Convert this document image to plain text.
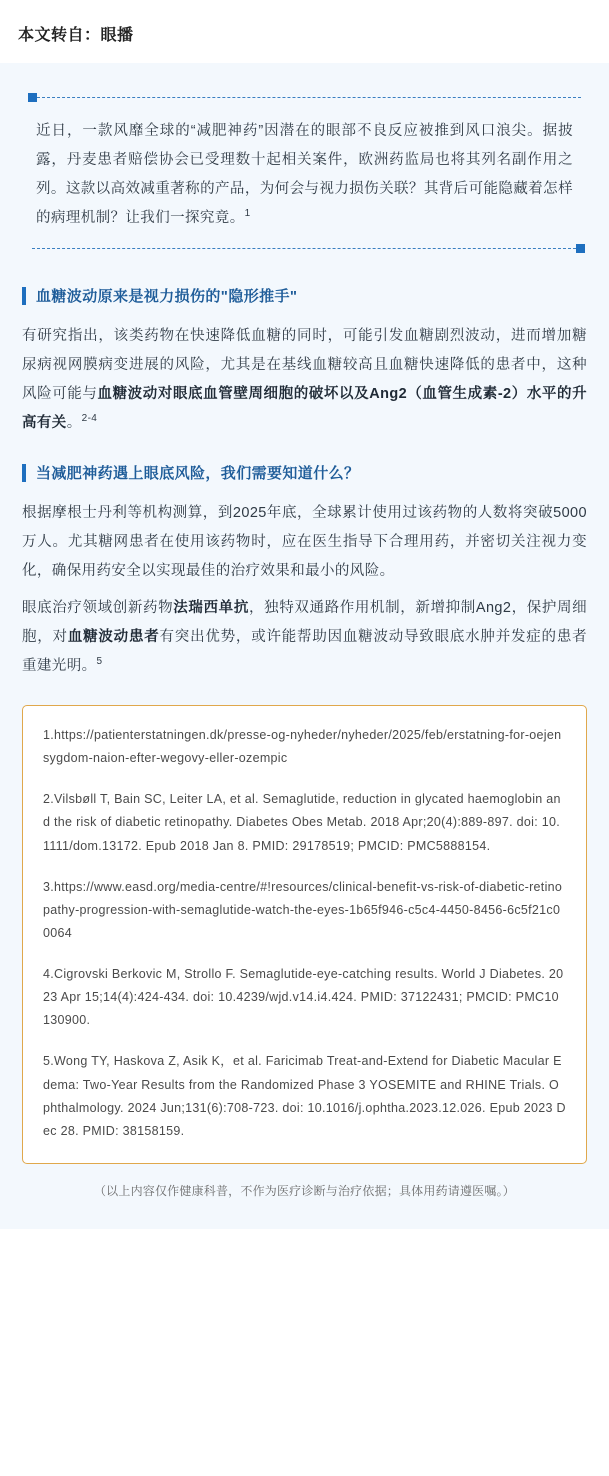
本文转自：眼播

近日，一款风靡全球的“减肥神药”因潜在的眼部不良反应被推到风口浪尖。据披露，丹麦患者赔偿协会已受理数十起相关案件，欧洲药监局也将其列名副作用之列。这款以高效减重著称的产品，为何会与视力损伤关联？其背后可能隐藏着怎样的病理机制？让我们一探究竟。$^1$

血糖波动原来是视力损伤的"隐形推手"

有研究指出，该类药物在快速降低血糖的同时，可能引发血糖剧烈波动，进而增加糖尿病视网膜病变进展的风险，尤其是在基线血糖较高且血糖快速降低的患者中，这种风险可能与血糖波动对眼底血管壁周细胞的破坏以及Ang2（血管生成素-2）水平的升高有关。$^{2-4}$

当减肥神药遇上眼底风险，我们需要知道什么？

根据摩根士丹利等机构测算，到2025年底，全球累计使用过该药物的人数将突破5000万人。尤其糖网患者在使用该药物时，应在医生指导下合理用药，并密切关注视力变化，确保用药安全以实现最佳的治疗效果和最小的风险。

眼底治疗领域创新药物法瑞西单抗，独特双通路作用机制，新增抑制Ang2，保护周细胞，对血糖波动患者有突出优势，或许能帮助因血糖波动导致眼底水肿并发症的患者重建光明。$^5$

1.https://patienterstatningen.dk/presse-og-nyheder/nyheder/2025/feb/erstatning-for-oejensygdom-naion-efter-wegovy-eller-ozempic

2.Vilsbøll T, Bain SC, Leiter LA, et al. Semaglutide, reduction in glycated haemoglobin and the risk of diabetic retinopathy. Diabetes Obes Metab. 2018 Apr;20(4):889-897. doi: 10.1111/dom.13172. Epub 2018 Jan 8. PMID: 29178519; PMCID: PMC5888154.

3.https://www.easd.org/media-centre/#!resources/clinical-benefit-vs-risk-of-diabetic-retinopathy-progression-with-semaglutide-watch-the-eyes-1b65f946-c5c4-4450-8456-6c5f21c00064

4.Cigrovski Berkovic M, Strollo F. Semaglutide-eye-catching results. World J Diabetes. 2023 Apr 15;14(4):424-434. doi: 10.4239/wjd.v14.i4.424. PMID: 37122431; PMCID: PMC10130900.

5.Wong TY, Haskova Z, Asik K，et al. Faricimab Treat-and-Extend for Diabetic Macular Edema: Two-Year Results from the Randomized Phase 3 YOSEMITE and RHINE Trials. Ophthalmology. 2024 Jun;131(6):708-723. doi: 10.1016/j.ophtha.2023.12.026. Epub 2023 Dec 28. PMID: 38158159.

（以上内容仅作健康科普，不作为医疗诊断与治疗依据；具体用药请遵医嘱。）
